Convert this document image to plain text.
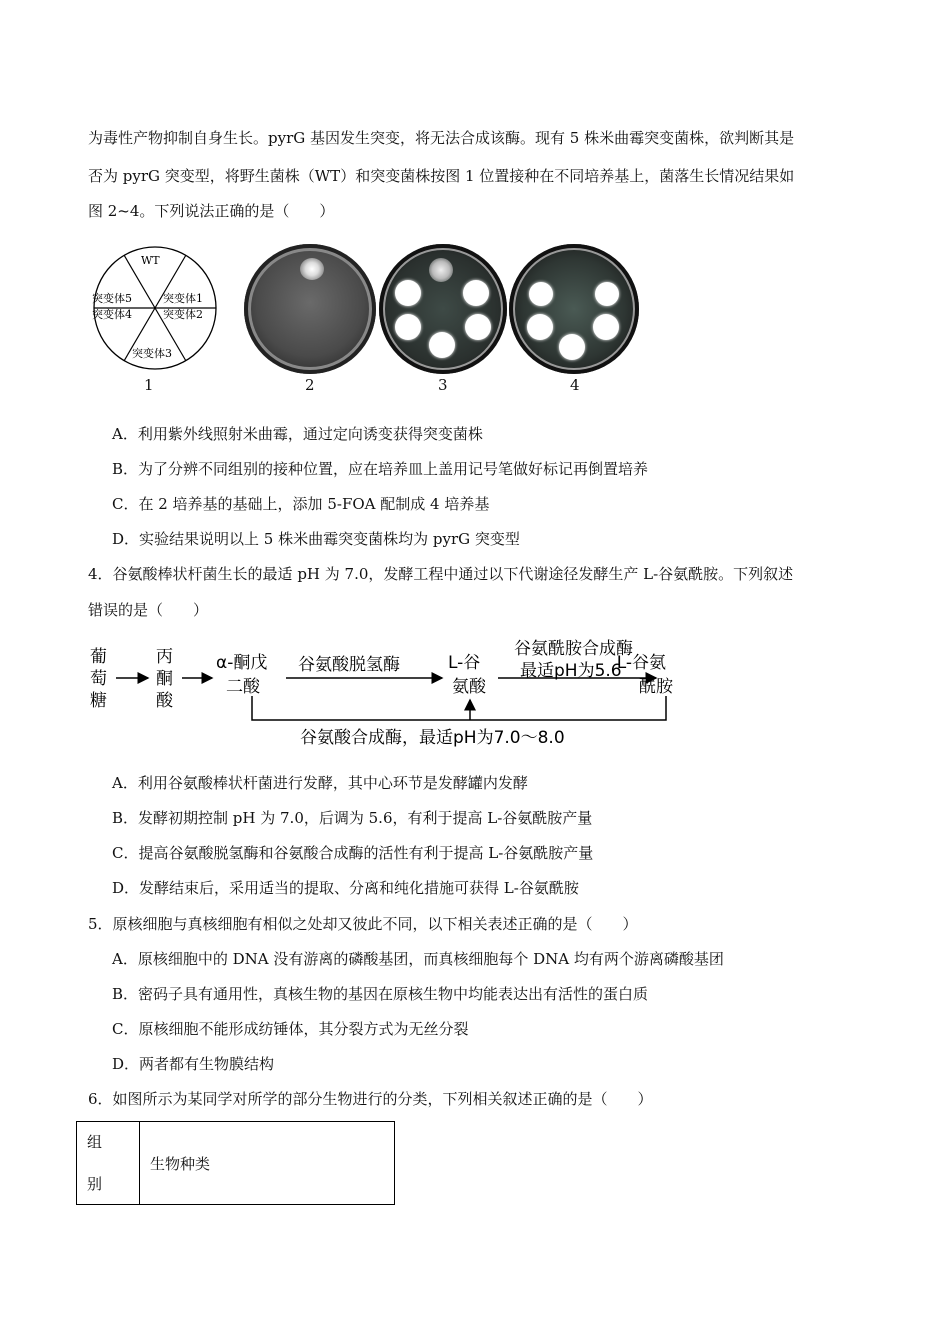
为毒性产物抑制自身生长。pyrG 基因发生突变，将无法合成该酶。现有 5 株米曲霉突变菌株，欲判断其是
否为 pyrG 突变型，将野生菌株（WT）和突变菌株按图 1 位置接种在不同培养基上，菌落生长情况结果如
图 2~4。下列说法正确的是（　　）
WT
突变体1
突变体2
突变体3
突变体4
突变体5
1	2	3	4
A．利用紫外线照射米曲霉，通过定向诱变获得突变菌株
B．为了分辨不同组别的接种位置，应在培养皿上盖用记号笔做好标记再倒置培养
C．在 2 培养基的基础上，添加 5-FOA 配制成 4 培养基
D．实验结果说明以上 5 株米曲霉突变菌株均为 pyrG 突变型
4．谷氨酸棒状杆菌生长的最适 pH 为 7.0，发酵工程中通过以下代谢途径发酵生产 L-谷氨酰胺。下列叙述
错误的是（　　）
葡
萄
糖
丙
酮
酸
α-酮戊
二酸
谷氨酸脱氢酶	L-谷
氨酸
谷氨酰胺合成酶
最适pH为5.6
L-谷氨
酰胺
谷氨酸合成酶，最适pH为7.0～8.0
A．利用谷氨酸棒状杆菌进行发酵，其中心环节是发酵罐内发酵
B．发酵初期控制 pH 为 7.0，后调为 5.6，有利于提高 L-谷氨酰胺产量
C．提高谷氨酸脱氢酶和谷氨酸合成酶的活性有利于提高 L-谷氨酰胺产量
D．发酵结束后，采用适当的提取、分离和纯化措施可获得 L-谷氨酰胺
5．原核细胞与真核细胞有相似之处却又彼此不同，以下相关表述正确的是（　　）
A．原核细胞中的 DNA 没有游离的磷酸基团，而真核细胞每个 DNA 均有两个游离磷酸基团
B．密码子具有通用性，真核生物的基因在原核生物中均能表达出有活性的蛋白质
C．原核细胞不能形成纺锤体，其分裂方式为无丝分裂
D．两者都有生物膜结构
6．如图所示为某同学对所学的部分生物进行的分类，下列相关叙述正确的是（　　）
组
别
	生物种类
